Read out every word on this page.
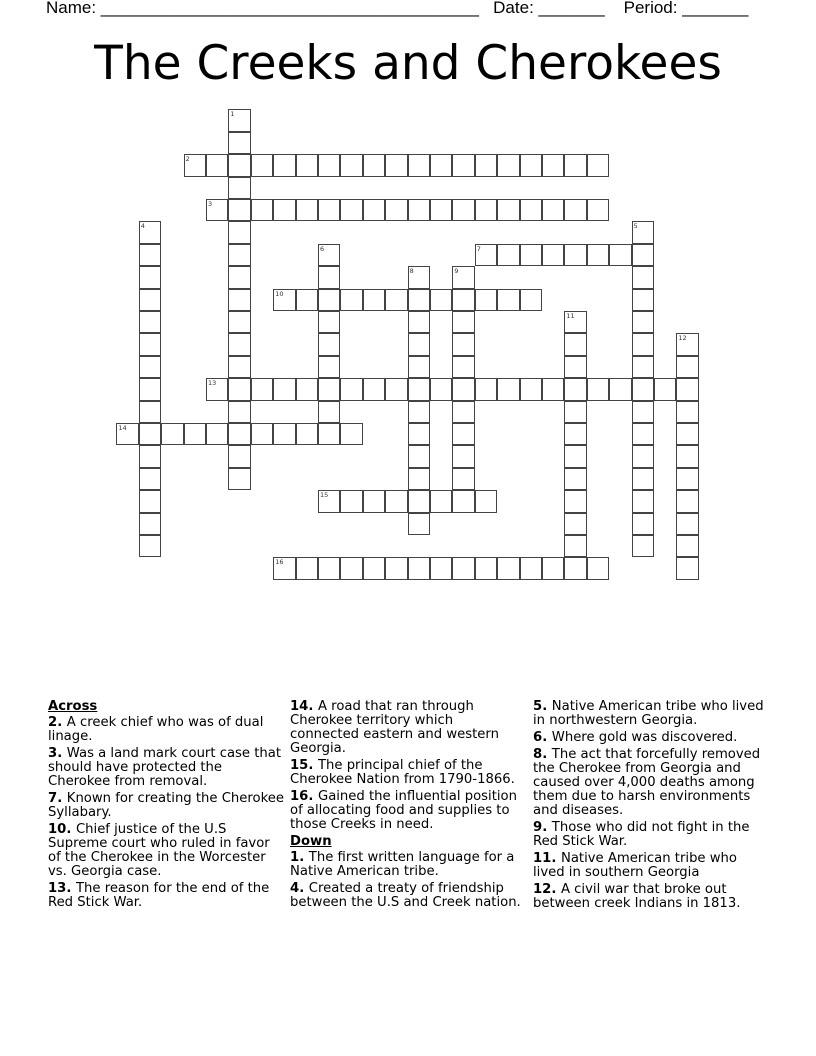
Name: ________________________________________ Date: _______ Period: _______
The Creeks and Cherokees
1
2
3
4	5
6	7
8	9
10
11
12
13
14
15
16
Across
2. A creek chief who was of dual linage.
3. Was a land mark court case that should have protected the Cherokee from removal.
7. Known for creating the Cherokee Syllabary.
10. Chief justice of the U.S Supreme court who ruled in favor of the Cherokee in the Worcester vs. Georgia case.
13. The reason for the end of the Red Stick War.
14. A road that ran through Cherokee territory which connected eastern and western Georgia.
15. The principal chief of the Cherokee Nation from 1790-1866.
16. Gained the influential position of allocating food and supplies to those Creeks in need.
Down
1. The first written language for a Native American tribe.
4. Created a treaty of friendship between the U.S and Creek nation.
5. Native American tribe who lived in northwestern Georgia.
6. Where gold was discovered.
8. The act that forcefully removed the Cherokee from Georgia and caused over 4,000 deaths among them due to harsh environments and diseases.
9. Those who did not fight in the Red Stick War.
11. Native American tribe who lived in southern Georgia
12. A civil war that broke out between creek Indians in 1813.
